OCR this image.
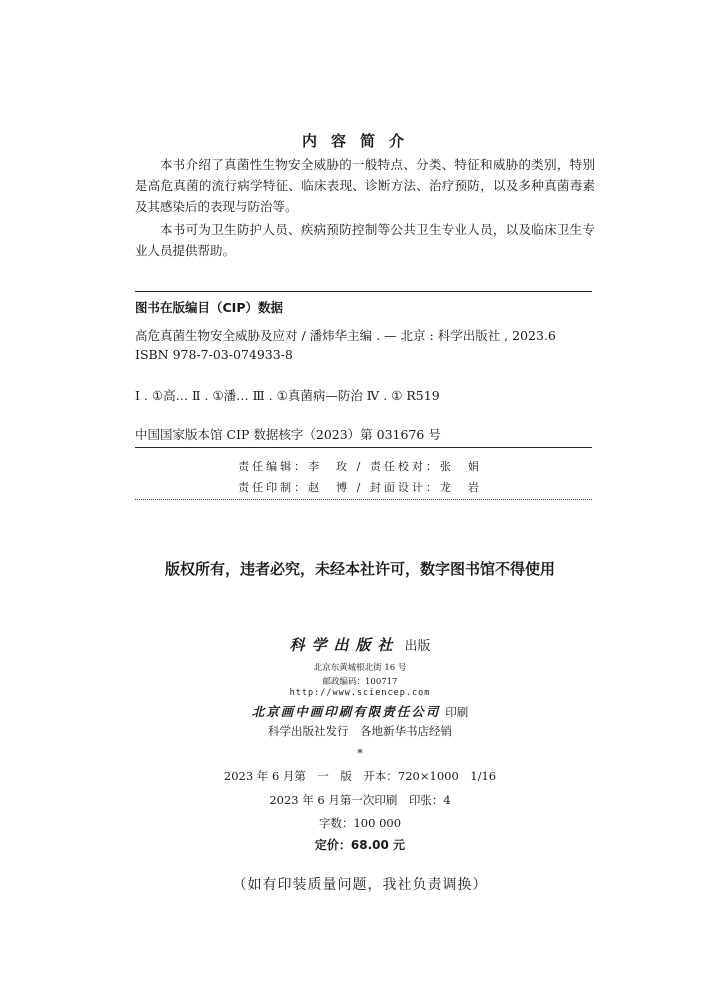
内容简介

本书介绍了真菌性生物安全威胁的一般特点、分类、特征和威胁的类别，特别是高危真菌的流行病学特征、临床表现、诊断方法、治疗预防，以及多种真菌毒素及其感染后的表现与防治等。

本书可为卫生防护人员、疾病预防控制等公共卫生专业人员，以及临床卫生专业人员提供帮助。

图书在版编目（CIP）数据
高危真菌生物安全威胁及应对 / 潘炜华主编 . — 北京 : 科学出版社 , 2023.6
ISBN 978-7-03-074933-8
Ⅰ . ①高… Ⅱ . ①潘… Ⅲ . ①真菌病—防治 Ⅳ . ① R519
中国国家版本馆 CIP 数据核字（2023）第 031676 号
责任编辑：李　玫 / 责任校对：张　娟
责任印制：赵　博 / 封面设计：龙　岩
版权所有，违者必究，未经本社许可，数字图书馆不得使用
科学出版社 出版
北京东黄城根北街 16 号
邮政编码：100717
http://www.sciencep.com
北京画中画印刷有限责任公司 印刷
科学出版社发行　各地新华书店经销
*
2023 年 6 月第　一　版　开本：720×1000　1/16
2023 年 6 月第一次印刷　印张：4
字数：100 000
定价：68.00 元
（如有印装质量问题，我社负责调换）
